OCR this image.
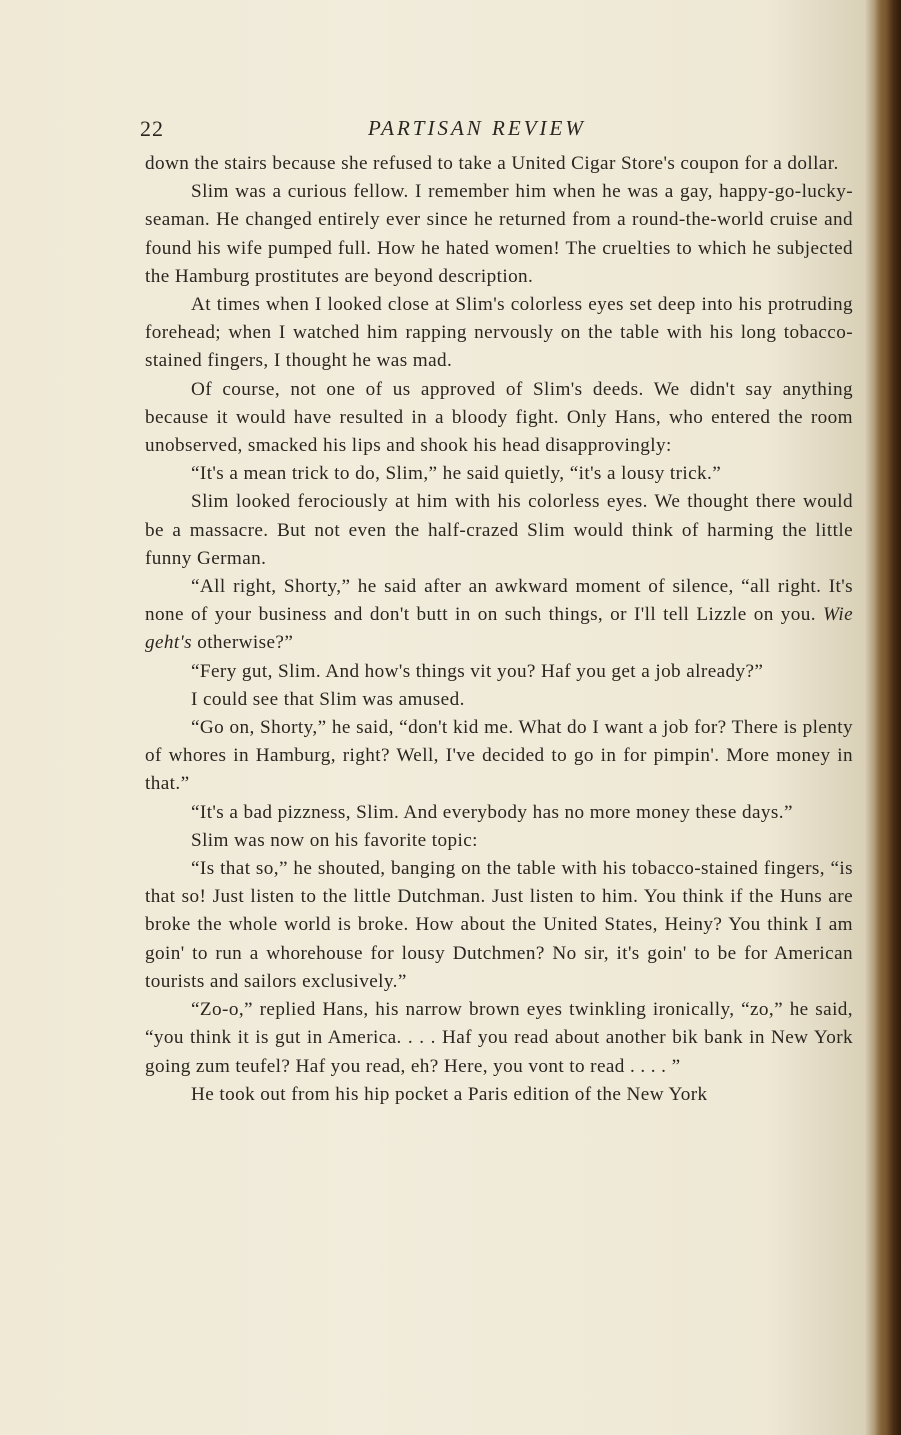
22	PARTISAN REVIEW

down the stairs because she refused to take a United Cigar Store's coupon for a dollar.

Slim was a curious fellow. I remember him when he was a gay, happy-go-lucky-seaman. He changed entirely ever since he returned from a round-the-world cruise and found his wife pumped full. How he hated women! The cruelties to which he subjected the Hamburg prostitutes are beyond description.

At times when I looked close at Slim's colorless eyes set deep into his protruding forehead; when I watched him rapping nervously on the table with his long tobacco-stained fingers, I thought he was mad.

Of course, not one of us approved of Slim's deeds. We didn't say anything because it would have resulted in a bloody fight. Only Hans, who entered the room unobserved, smacked his lips and shook his head disapprovingly:

“It's a mean trick to do, Slim,” he said quietly, “it's a lousy trick.”

Slim looked ferociously at him with his colorless eyes. We thought there would be a massacre. But not even the half-crazed Slim would think of harming the little funny German.

“All right, Shorty,” he said after an awkward moment of silence, “all right. It's none of your business and don't butt in on such things, or I'll tell Lizzle on you. Wie geht's otherwise?”

“Fery gut, Slim. And how's things vit you? Haf you get a job already?”

I could see that Slim was amused.

“Go on, Shorty,” he said, “don't kid me. What do I want a job for? There is plenty of whores in Hamburg, right? Well, I've decided to go in for pimpin'. More money in that.”

“It's a bad pizzness, Slim. And everybody has no more money these days.”

Slim was now on his favorite topic:

“Is that so,” he shouted, banging on the table with his tobacco-stained fingers, “is that so! Just listen to the little Dutchman. Just listen to him. You think if the Huns are broke the whole world is broke. How about the United States, Heiny? You think I am goin' to run a whorehouse for lousy Dutchmen? No sir, it's goin' to be for American tourists and sailors exclusively.”

“Zo-o,” replied Hans, his narrow brown eyes twinkling ironically, “zo,” he said, “you think it is gut in America. . . . Haf you read about another bik bank in New York going zum teufel? Haf you read, eh? Here, you vont to read . . . . ”

He took out from his hip pocket a Paris edition of the New York
